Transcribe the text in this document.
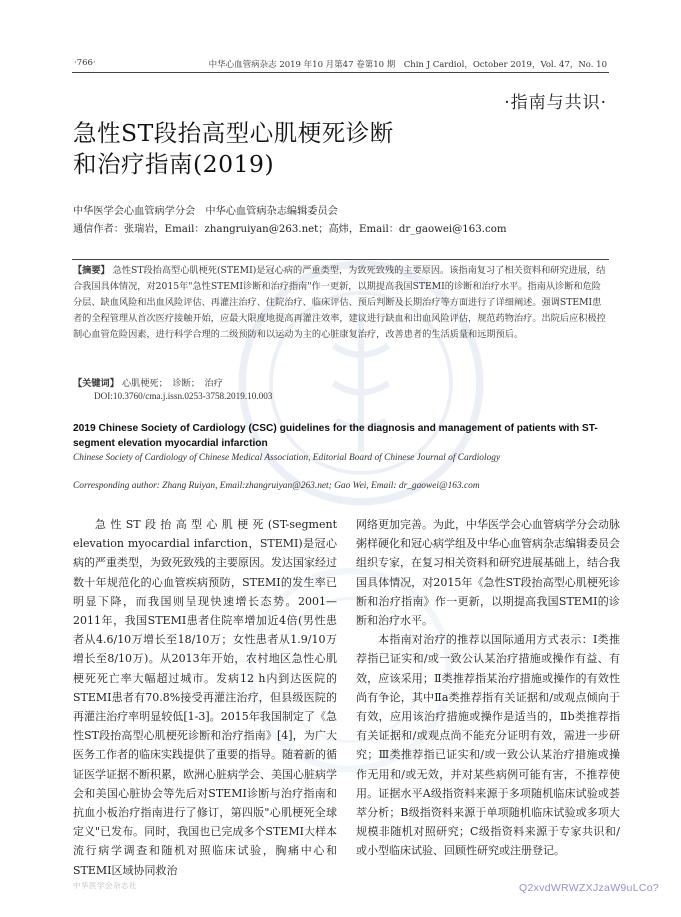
·766·	中华心血管病杂志 2019 年10 月第47 卷第10 期　Chin J Cardiol，October 2019，Vol. 47，No. 10
·指南与共识·
急性ST段抬高型心肌梗死诊断
和治疗指南(2019)
中华医学会心血管病学分会　中华心血管病杂志编辑委员会
通信作者：张瑞岩，Email：zhangruiyan@263.net；高炜，Email：dr_gaowei@163.com
【摘要】 急性ST段抬高型心肌梗死(STEMI)是冠心病的严重类型，为致死致残的主要原因。该指南复习了相关资料和研究进展，结合我国具体情况，对2015年"急性STEMI诊断和治疗指南"作一更新，以期提高我国STEMI的诊断和治疗水平。指南从诊断和危险分层、缺血风险和出血风险评估、再灌注治疗、住院治疗、临床评估、预后判断及长期治疗等方面进行了详细阐述。强调STEMI患者的全程管理从首次医疗接触开始，应最大限度地提高再灌注效率，建议进行缺血和出血风险评估，规范药物治疗。出院后应积极控制心血管危险因素，进行科学合理的二级预防和以运动为主的心脏康复治疗，改善患者的生活质量和远期预后。
【关键词】 心肌梗死；　诊断；　治疗
DOI:10.3760/cma.j.issn.0253-3758.2019.10.003
2019 Chinese Society of Cardiology (CSC) guidelines for the diagnosis and management of patients with ST-segment elevation myocardial infarction
Chinese Society of Cardiology of Chinese Medical Association, Editorial Board of Chinese Journal of Cardiology
Corresponding author: Zhang Ruiyan, Email:zhangruiyan@263.net; Gao Wei, Email: dr_gaowei@163.com

急性ST段抬高型心肌梗死(ST-segment elevation myocardial infarction，STEMI)是冠心病的严重类型，为致死致残的主要原因。发达国家经过数十年规范化的心血管疾病预防，STEMI的发生率已明显下降，而我国则呈现快速增长态势。2001—2011年，我国STEMI患者住院率增加近4倍(男性患者从4.6/10万增长至18/10万；女性患者从1.9/10万增长至8/10万)。从2013年开始，农村地区急性心肌梗死死亡率大幅超过城市。发病12 h内到达医院的STEMI患者有70.8%接受再灌注治疗，但县级医院的再灌注治疗率明显较低[1-3]。2015年我国制定了《急性ST段抬高型心肌梗死诊断和治疗指南》[4]，为广大医务工作者的临床实践提供了重要的指导。随着新的循证医学证据不断积累，欧洲心脏病学会、美国心脏病学会和美国心脏协会等先后对STEMI诊断与治疗指南和抗血小板治疗指南进行了修订，第四版"心肌梗死全球定义"已发布。同时，我国也已完成多个STEMI大样本流行病学调查和随机对照临床试验，胸痛中心和STEMI区域协同救治

网络更加完善。为此，中华医学会心血管病学分会动脉粥样硬化和冠心病学组及中华心血管病杂志编辑委员会组织专家，在复习相关资料和研究进展基础上，结合我国具体情况，对2015年《急性ST段抬高型心肌梗死诊断和治疗指南》作一更新，以期提高我国STEMI的诊断和治疗水平。

本指南对治疗的推荐以国际通用方式表示：Ⅰ类推荐指已证实和/或一致公认某治疗措施或操作有益、有效，应该采用；Ⅱ类推荐指某治疗措施或操作的有效性尚有争论，其中Ⅱa类推荐指有关证据和/或观点倾向于有效，应用该治疗措施或操作是适当的，Ⅱb类推荐指有关证据和/或观点尚不能充分证明有效，需进一步研究；Ⅲ类推荐指已证实和/或一致公认某治疗措施或操作无用和/或无效，并对某些病例可能有害，不推荐使用。证据水平A级指资料来源于多项随机临床试验或荟萃分析；B级指资料来源于单项随机临床试验或多项大规模非随机对照研究；C级指资料来源于专家共识和/或小型临床试验、回顾性研究或注册登记。

中华医学会杂志社	Q2xvdWRWZXJzaW9uLCo?
